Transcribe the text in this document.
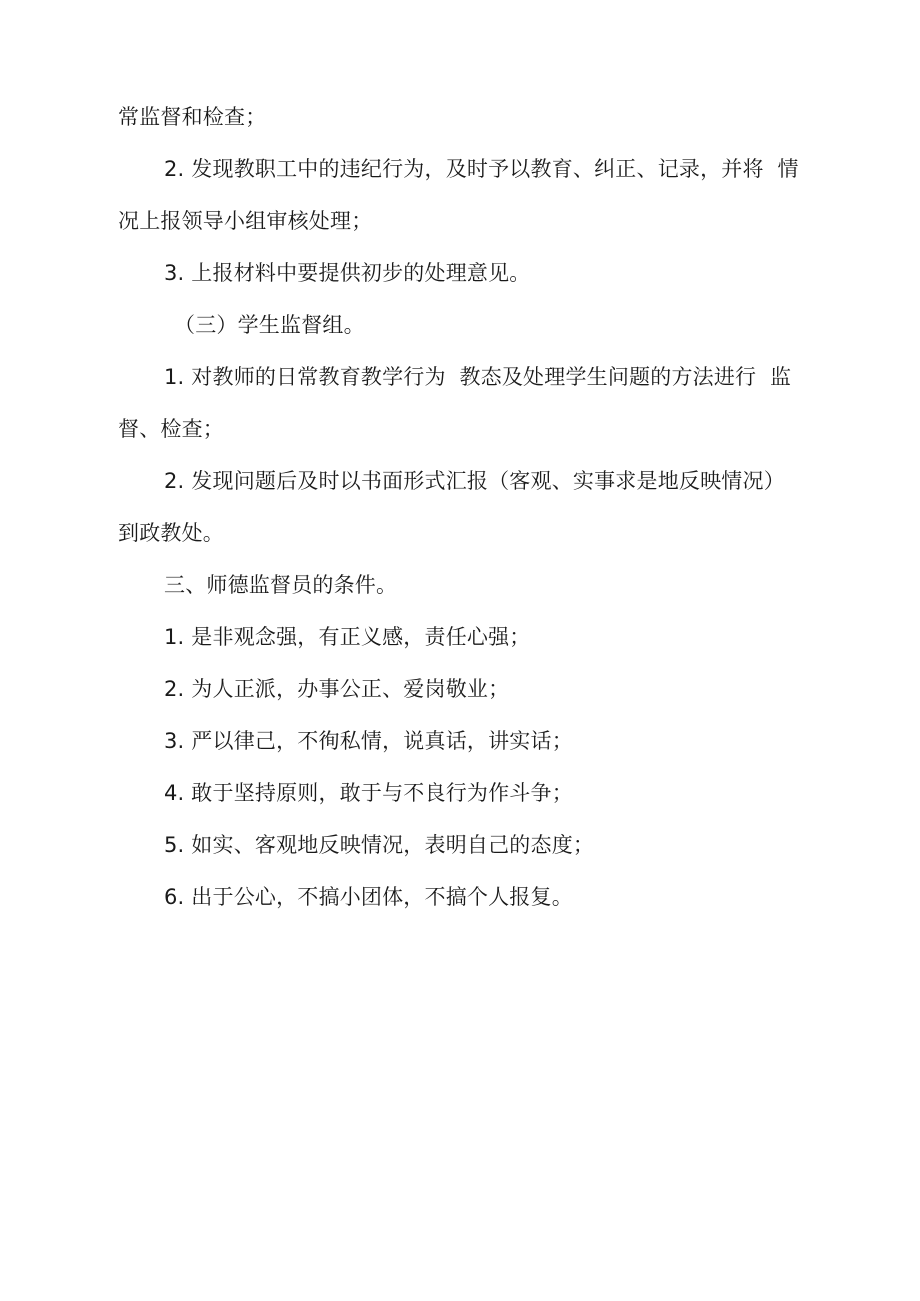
常监督和检查；
2. 发现教职工中的违纪行为，及时予以教育、纠正、记录，并将  情
况上报领导小组审核处理；
3. 上报材料中要提供初步的处理意见。
（三）学生监督组。
1. 对教师的日常教育教学行为  教态及处理学生问题的方法进行  监
督、检查；
2. 发现问题后及时以书面形式汇报（客观、实事求是地反映情况）
到政教处。
三、师德监督员的条件。
1. 是非观念强，有正义感，责任心强；
2. 为人正派，办事公正、爱岗敬业；
3. 严以律己，不徇私情，说真话，讲实话；
4. 敢于坚持原则，敢于与不良行为作斗争；
5. 如实、客观地反映情况，表明自己的态度；
6. 出于公心，不搞小团体，不搞个人报复。
